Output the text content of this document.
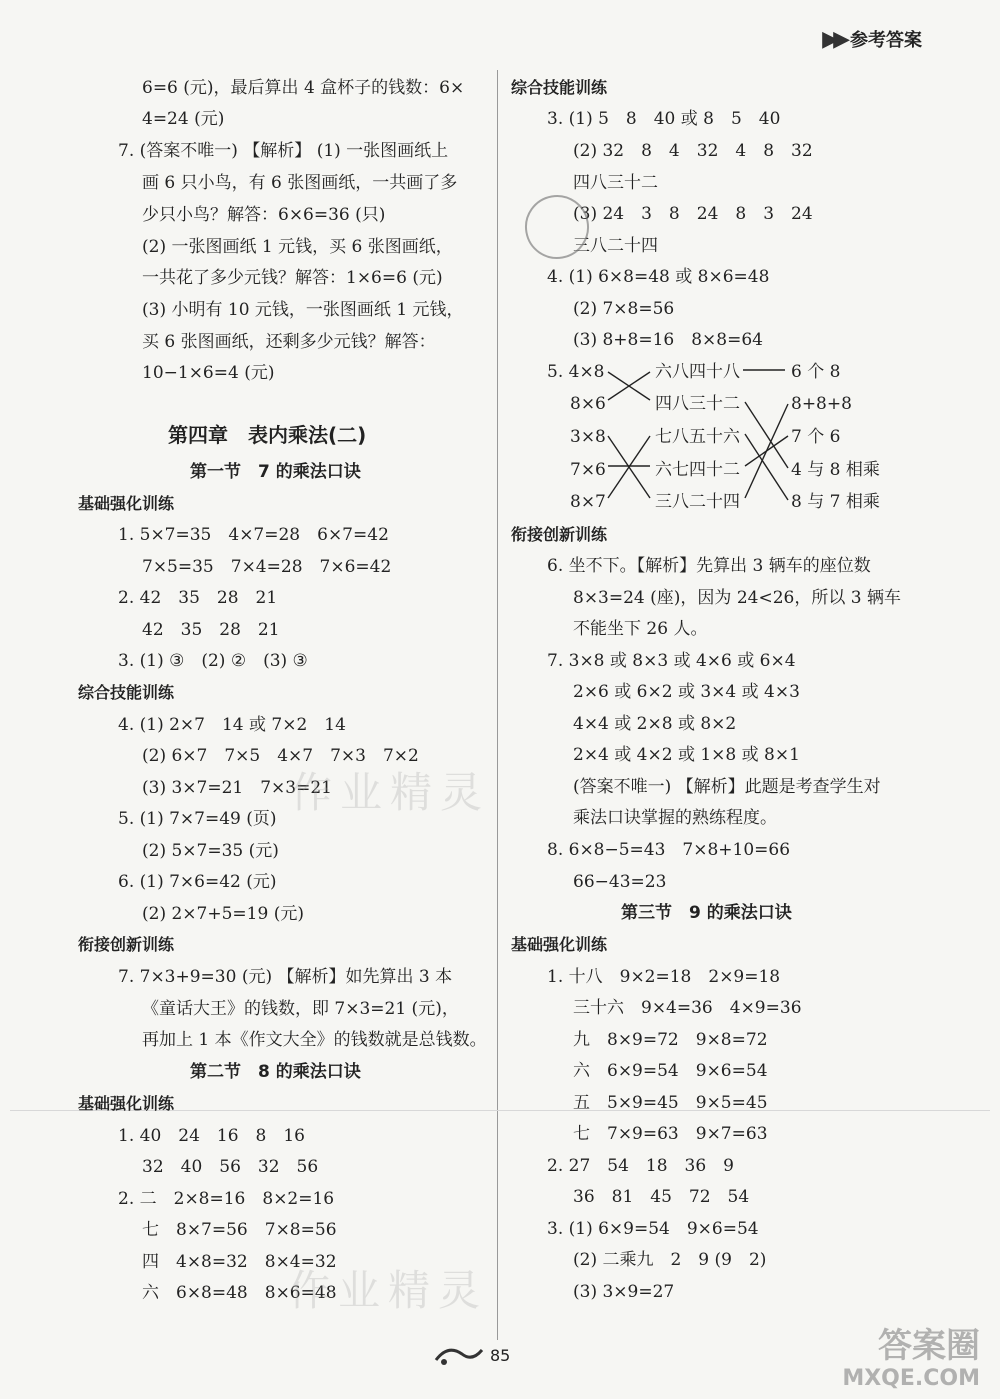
▶▶ 参考答案
6=6 (元)，最后算出 4 盒杯子的钱数：6×
4=24 (元)
7. (答案不唯一) 【解析】 (1) 一张图画纸上
画 6 只小鸟，有 6 张图画纸，一共画了多
少只小鸟？解答：6×6=36 (只)
(2) 一张图画纸 1 元钱，买 6 张图画纸，
一共花了多少元钱？解答：1×6=6 (元)
(3) 小明有 10 元钱，一张图画纸 1 元钱，
买 6 张图画纸，还剩多少元钱？解答：
10−1×6=4 (元)
第四章　表内乘法(二)
第一节　7 的乘法口诀
基础强化训练
1. 5×7=35　4×7=28　6×7=42
7×5=35　7×4=28　7×6=42
2. 42　35　28　21
42　35　28　21
3. (1) ③　(2) ②　(3) ③
综合技能训练
4. (1) 2×7　14 或 7×2　14
(2) 6×7　7×5　4×7　7×3　7×2
(3) 3×7=21　7×3=21
5. (1) 7×7=49 (页)
(2) 5×7=35 (元)
6. (1) 7×6=42 (元)
(2) 2×7+5=19 (元)
衔接创新训练
7. 7×3+9=30 (元) 【解析】如先算出 3 本
《童话大王》的钱数，即 7×3=21 (元)，
再加上 1 本《作文大全》的钱数就是总钱数。
第二节　8 的乘法口诀
基础强化训练
1. 40　24　16　8　16
32　40　56　32　56
2. 二　2×8=16　8×2=16
七　8×7=56　7×8=56
四　4×8=32　8×4=32
六　6×8=48　8×6=48
综合技能训练
3. (1) 5　8　40 或 8　5　40
(2) 32　8　4　32　4　8　32
四八三十二
(3) 24　3　8　24　8　3　24
三八二十四
4. (1) 6×8=48 或 8×6=48
(2) 7×8=56
(3) 8+8=16　8×8=64
5. 4×8
8×6
3×8
7×6
8×7
六八四十八
四八三十二
七八五十六
六七四十二
三八二十四
6 个 8
8+8+8
7 个 6
4 与 8 相乘
8 与 7 相乘
衔接创新训练
6. 坐不下。【解析】先算出 3 辆车的座位数
8×3=24 (座)，因为 24<26，所以 3 辆车
不能坐下 26 人。
7. 3×8 或 8×3 或 4×6 或 6×4
2×6 或 6×2 或 3×4 或 4×3
4×4 或 2×8 或 8×2
2×4 或 4×2 或 1×8 或 8×1
(答案不唯一) 【解析】此题是考查学生对
乘法口诀掌握的熟练程度。
8. 6×8−5=43　7×8+10=66
66−43=23
第三节　9 的乘法口诀
基础强化训练
1. 十八　9×2=18　2×9=18
三十六　9×4=36　4×9=36
九　8×9=72　9×8=72
六　6×9=54　9×6=54
五　5×9=45　9×5=45
七　7×9=63　9×7=63
2. 27　54　18　36　9
36　81　45　72　54
3. (1) 6×9=54　9×6=54
(2) 二乘九　2　9 (9　2)
(3) 3×9=27
作业精灵
作业精灵
答案圈
MXQE.COM
85
